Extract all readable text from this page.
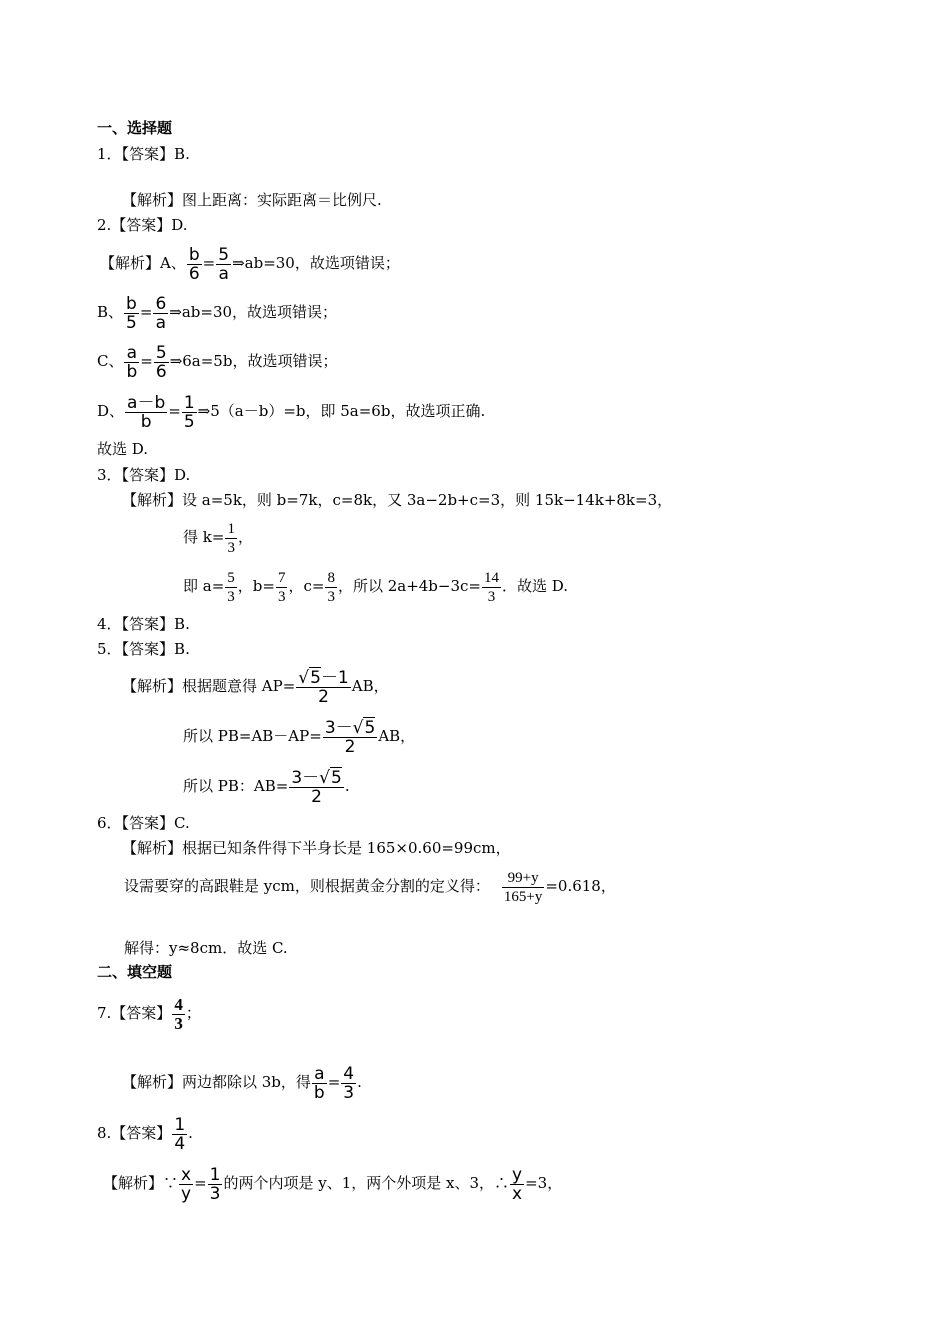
一、选择题
1．【答案】B.
【解析】图上距离：实际距离＝比例尺.
2.【答案】D.
【解析】A、 $\frac{b}{6} = \frac{5}{a}$ ⇒ab=30，故选项错误；
B、 $\frac{b}{5} = \frac{6}{a}$ ⇒ab=30，故选项错误；
C、 $\frac{a}{b} = \frac{5}{6}$ ⇒6a=5b，故选项错误；
D、 $\frac{a-b}{b} = \frac{1}{5}$ ⇒5（a－b）=b，即 5a=6b，故选项正确.
故选 D.
3．【答案】D.
【解析】设 a=5k，则 b=7k，c=8k，又 3a−2b+c=3，则 15k−14k+8k=3，
得 $k= \frac{1}{3}$ ，
即 $a= \frac{5}{3}$ ，$b= \frac{7}{3}$ ，$c= \frac{8}{3}$ ，所以 $2a+4b-3c= \frac{14}{3}$ ．故选 D.
4．【答案】B.
5．【答案】B.
【解析】根据题意得 $AP= \frac{√5-1}{2}$ AB，
所以 $PB=AB-AP= \frac{3-√5}{2}$ AB，
所以 PB：$AB= \frac{3-√5}{2}$ .
6．【答案】C.
【解析】根据已知条件得下半身长是 165×0.60=99cm，
设需要穿的高跟鞋是 ycm，则根据黄金分割的定义得： $\frac{99+y}{165+y} =0.618$，
解得：y≈8cm．故选 C.
二、填空题
7.【答案】 $\frac{4}{3}$ ；
【解析】两边都除以 3b，得 $\frac{a}{b} = \frac{4}{3}$ .
8.【答案】 $\frac{1}{4}$ .
【解析】∵ $\frac{x}{y} = \frac{1}{3}$ 的两个内项是 y、1，两个外项是 x、3，∴ $\frac{y}{x} =3$，
